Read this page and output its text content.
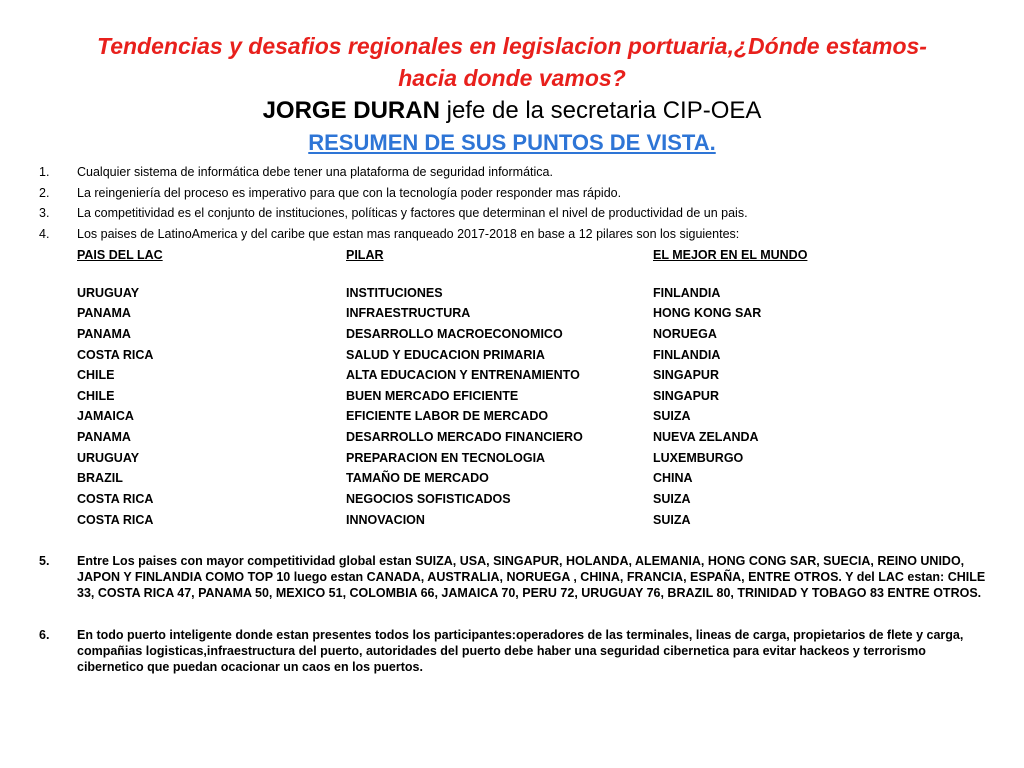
Tendencias y desafios regionales en legislacion portuaria,¿Dónde estamos-
hacia donde vamos?
JORGE DURAN jefe de la secretaria CIP-OEA
RESUMEN DE SUS PUNTOS DE VISTA.
1.	Cualquier sistema de informática debe tener una plataforma de seguridad informática.
2.	La reingeniería del proceso es imperativo para que con la tecnología poder responder mas rápido.
3.	La competitividad es el conjunto de instituciones, políticas y factores que determinan el nivel de productividad de un pais.
4.	Los paises de LatinoAmerica y del caribe que estan mas ranqueado 2017-2018 en base a 12 pilares son los siguientes:
PAIS DEL LAC	PILAR	EL MEJOR EN EL MUNDO
URUGUAY	INSTITUCIONES	FINLANDIA
PANAMA	INFRAESTRUCTURA	HONG KONG SAR
PANAMA	DESARROLLO MACROECONOMICO	NORUEGA
COSTA RICA	SALUD Y EDUCACION PRIMARIA	FINLANDIA
CHILE	ALTA EDUCACION Y ENTRENAMIENTO	SINGAPUR
CHILE	BUEN MERCADO EFICIENTE	SINGAPUR
JAMAICA	EFICIENTE LABOR DE MERCADO	SUIZA
PANAMA	DESARROLLO MERCADO FINANCIERO	NUEVA ZELANDA
URUGUAY	PREPARACION EN TECNOLOGIA	LUXEMBURGO
BRAZIL	TAMAÑO DE MERCADO	CHINA
COSTA RICA	NEGOCIOS SOFISTICADOS	SUIZA
COSTA RICA	INNOVACION	SUIZA
5.	Entre Los paises con mayor competitividad global estan SUIZA, USA, SINGAPUR, HOLANDA, ALEMANIA, HONG CONG SAR, SUECIA, REINO UNIDO, JAPON Y FINLANDIA COMO TOP 10 luego estan CANADA, AUSTRALIA, NORUEGA , CHINA, FRANCIA, ESPAÑA, ENTRE OTROS. Y del LAC estan: CHILE 33, COSTA RICA 47, PANAMA 50, MEXICO 51, COLOMBIA 66, JAMAICA 70, PERU 72, URUGUAY 76, BRAZIL 80, TRINIDAD Y TOBAGO 83 ENTRE OTROS.
6.	En todo puerto inteligente donde estan presentes todos los participantes:operadores de las terminales, lineas de carga, propietarios de flete y carga, compañias logisticas,infraestructura del puerto, autoridades del puerto debe haber una seguridad cibernetica para evitar hackeos y terrorismo cibernetico que puedan ocacionar un caos en los puertos.
